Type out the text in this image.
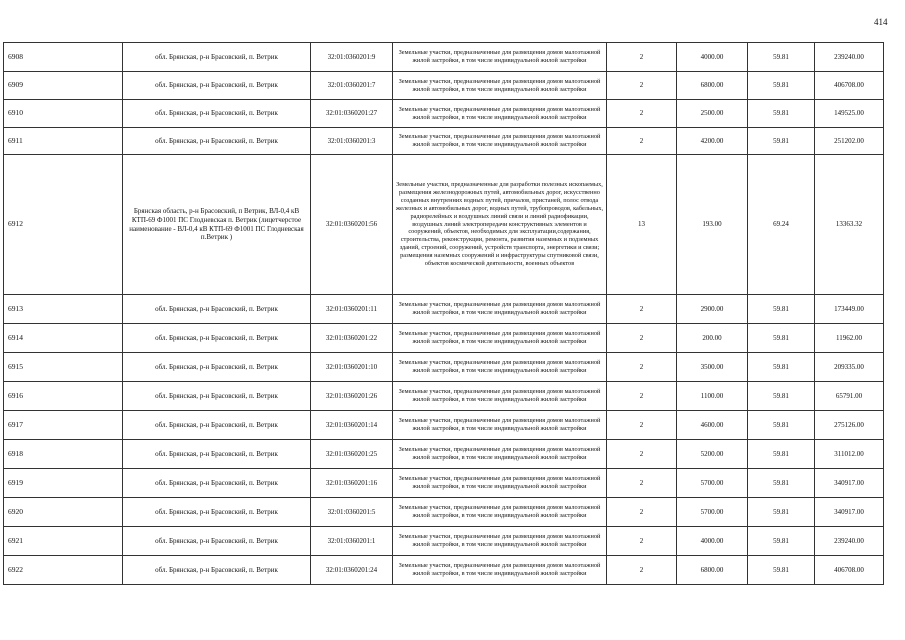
414
6908	обл. Брянская, р-н Брасовский, п. Ветрик	32:01:0360201:9	Земельные участки, предназначенные для размещения домов малоэтажной жилой застройки, в том числе индивидуальной жилой застройки	2	4000.00	59.81	239240.00
6909	обл. Брянская, р-н Брасовский, п. Ветрик	32:01:0360201:7	Земельные участки, предназначенные для размещения домов малоэтажной жилой застройки, в том числе индивидуальной жилой застройки	2	6800.00	59.81	406708.00
6910	обл. Брянская, р-н Брасовский, п. Ветрик	32:01:0360201:27	Земельные участки, предназначенные для размещения домов малоэтажной жилой застройки, в том числе индивидуальной жилой застройки	2	2500.00	59.81	149525.00
6911	обл. Брянская, р-н Брасовский, п. Ветрик	32:01:0360201:3	Земельные участки, предназначенные для размещения домов малоэтажной жилой застройки, в том числе индивидуальной жилой застройки	2	4200.00	59.81	251202.00
6912	Брянская область, р-н Брасовский, п Ветрик, ВЛ-0,4 кВ КТП-69 Ф1001 ПС Глодневская п. Ветрик (лицетчерстое наименование - ВЛ-0,4 кВ КТП-69 Ф1001 ПС Глодневская п.Ветрик )	32:01:0360201:56	Земельные участки, предназначенные для разработки полезных ископаемых, размещения железнодорожных путей, автомобильных дорог, искусственно созданных внутренних водных путей, причалов, пристаней, полос отвода железных и автомобильных дорог, водных путей, трубопроводов, кабельных, радиорелейных и воздушных линий связи и линий радиофикации, воздушных линий электропередачи конструктивных элементов и сооружений, объектов, необходимых для эксплуатации,содержания, строительства, реконструкции, ремонта, развития наземных и подземных зданий, строений, сооружений, устройств транспорта, энергетики и связи; размещения наземных сооружений и инфраструктуры спутниковой связи, объектов космической деятельности, военных объектов	13	193.00	69.24	13363.32
6913	обл. Брянская, р-н Брасовский, п. Ветрик	32:01:0360201:11	Земельные участки, предназначенные для размещения домов малоэтажной жилой застройки, в том числе индивидуальной жилой застройки	2	2900.00	59.81	173449.00
6914	обл. Брянская, р-н Брасовский, п. Ветрик	32:01:0360201:22	Земельные участки, предназначенные для размещения домов малоэтажной жилой застройки, в том числе индивидуальной жилой застройки	2	200.00	59.81	11962.00
6915	обл. Брянская, р-н Брасовский, п. Ветрик	32:01:0360201:10	Земельные участки, предназначенные для размещения домов малоэтажной жилой застройки, в том числе индивидуальной жилой застройки	2	3500.00	59.81	209335.00
6916	обл. Брянская, р-н Брасовский, п. Ветрик	32:01:0360201:26	Земельные участки, предназначенные для размещения домов малоэтажной жилой застройки, в том числе индивидуальной жилой застройки	2	1100.00	59.81	65791.00
6917	обл. Брянская, р-н Брасовский, п. Ветрик	32:01:0360201:14	Земельные участки, предназначенные для размещения домов малоэтажной жилой застройки, в том числе индивидуальной жилой застройки	2	4600.00	59.81	275126.00
6918	обл. Брянская, р-н Брасовский, п. Ветрик	32:01:0360201:25	Земельные участки, предназначенные для размещения домов малоэтажной жилой застройки, в том числе индивидуальной жилой застройки	2	5200.00	59.81	311012.00
6919	обл. Брянская, р-н Брасовский, п. Ветрик	32:01:0360201:16	Земельные участки, предназначенные для размещения домов малоэтажной жилой застройки, в том числе индивидуальной жилой застройки	2	5700.00	59.81	340917.00
6920	обл. Брянская, р-н Брасовский, п. Ветрик	32:01:0360201:5	Земельные участки, предназначенные для размещения домов малоэтажной жилой застройки, в том числе индивидуальной жилой застройки	2	5700.00	59.81	340917.00
6921	обл. Брянская, р-н Брасовский, п. Ветрик	32:01:0360201:1	Земельные участки, предназначенные для размещения домов малоэтажной жилой застройки, в том числе индивидуальной жилой застройки	2	4000.00	59.81	239240.00
6922	обл. Брянская, р-н Брасовский, п. Ветрик	32:01:0360201:24	Земельные участки, предназначенные для размещения домов малоэтажной жилой застройки, в том числе индивидуальной жилой застройки	2	6800.00	59.81	406708.00
